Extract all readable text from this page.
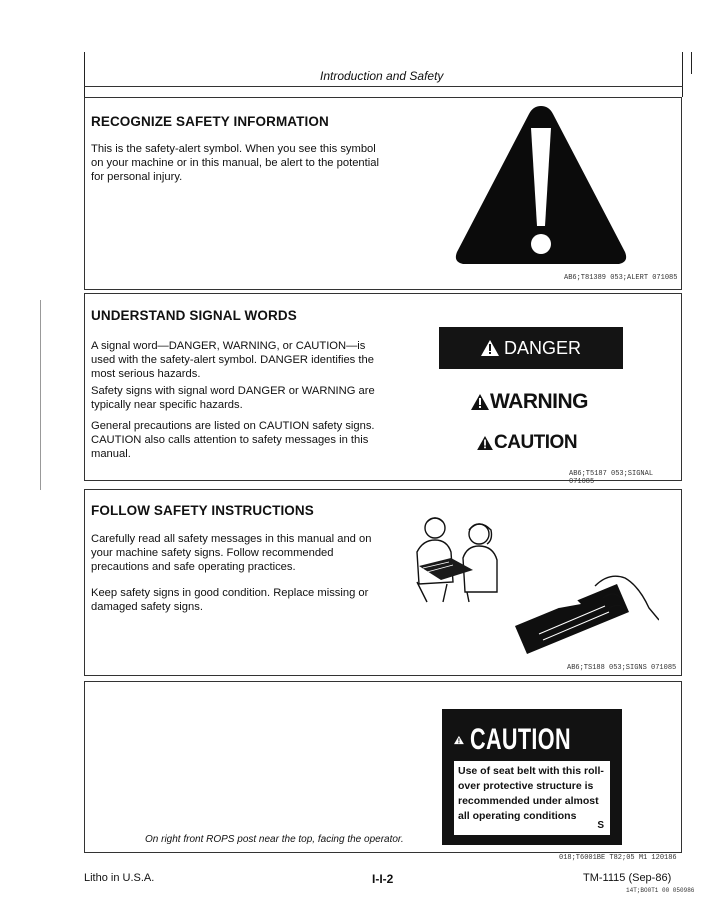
Introduction and Safety
RECOGNIZE SAFETY INFORMATION

This is the safety-alert symbol. When you see this symbol on your machine or in this manual, be alert to the potential for personal injury.

AB6;T81389 053;ALERT 071085
UNDERSTAND SIGNAL WORDS

A signal word—DANGER, WARNING, or CAUTION—is used with the safety-alert symbol. DANGER identifies the most serious hazards.

Safety signs with signal word DANGER or WARNING are typically near specific hazards.

General precautions are listed on CAUTION safety signs. CAUTION also calls attention to safety messages in this manual.

DANGER
WARNING
CAUTION
AB6;T5187 053;SIGNAL 071085
FOLLOW SAFETY INSTRUCTIONS

Carefully read all safety messages in this manual and on your machine safety signs. Follow recommended precautions and safe operating practices.

Keep safety signs in good condition. Replace missing or damaged safety signs.

AB6;TS188 053;SIGNS 071085
On right front ROPS post near the top, facing the operator.
018;T6001BE T82;05 M1 120186
CAUTION
Use of seat belt with this roll-
over protective structure is
recommended under almost
all operating conditions
S
Litho in U.S.A.	I-I-2	TM-1115 (Sep-86)
14T;BO0T1 00 050986
